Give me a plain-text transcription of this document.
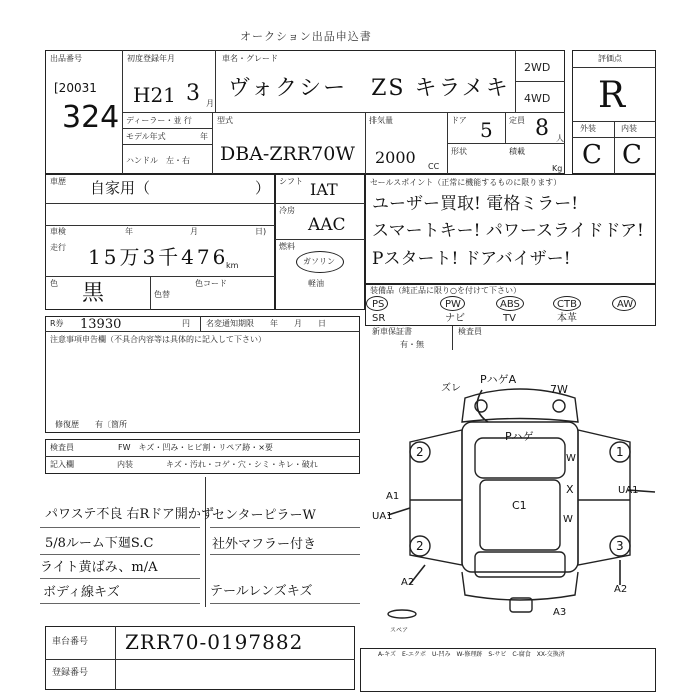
オークション出品申込書
出品番号
[20031
324
初度登録年月
H21 3 月
車名・グレード
ヴォクシー　ZS キラメキ
2WD
4WD
ディーラー・並 行
モデル年式	年
ハンドル　左・右
型式
DBA-ZRR70W
排気量
2000 CC
ドア 5 定員 8 人
形状	積載
Kg
評価点
R
外装	内装
C C
車歴 自家用（	）
車検	年	月	日)
走行 15万3千476
km
色 黒	色替
色コード
シフト IAT
冷房
AAC
燃料
ガソリン
軽油
セールスポイント（正常に機能するものに限ります）
ユーザー買取! 電格ミラー!
スマートキー! パワースライドドア!
Pスタート! ドアバイザー!
装備品（純正品に限り○を付けて下さい）
PS	PW	ABS	CTB	AW
SR	ナビ	TV	本革
新車保証書
有・無
検査員
R券 13930	円 名変通知期限　　年　　月　　日
注意事項申告欄（不具合内容等は具体的に記入して下さい）
修復歴　　有〔箇所
検査員	FW　キズ・凹み・ヒビ割・リペア跡・×要
記入欄	内装	キズ・汚れ・コゲ・穴・シミ・キレ・破れ
パワステ不良 右Rドア開かず
5/8ルーム下廻S.C
ライト黄ばみ、m/A
ボディ線キズ
センターピラーW
社外マフラー付き
テールレンズキズ
PハゲA
ズレ	7W
Pハゲ
C1
A1
UA1
UA1
X
W
W
2	1
2	3
A2
A2
A3
スペア
車台番号 ZRR70-0197882
登録番号
A-キズ　E-エクボ　U-凹み　W-修理跡　S-サビ　C-腐食　XX-交換済
